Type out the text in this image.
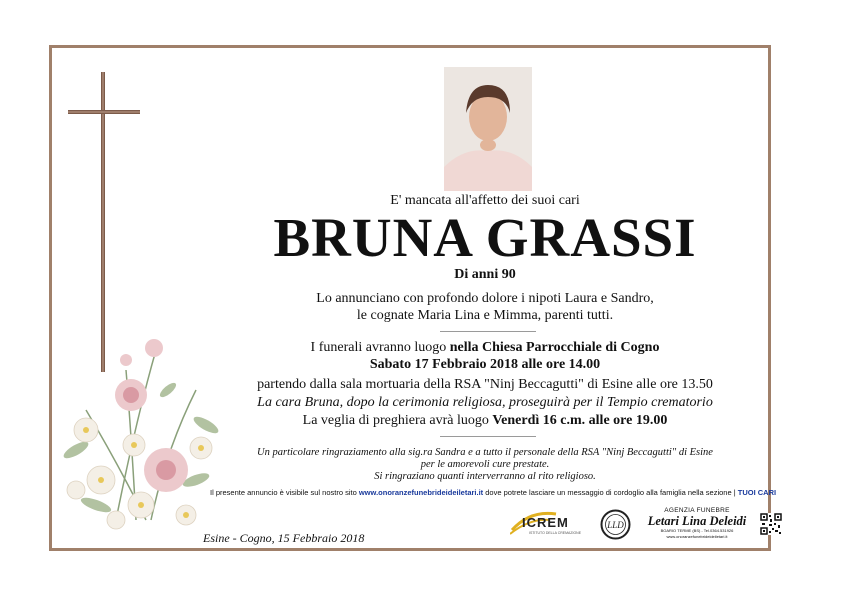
E' mancata all'affetto dei suoi cari
BRUNA GRASSI
Di anni 90
Lo annunciano con profondo dolore i nipoti Laura e Sandro,
le cognate Maria Lina e Mimma, parenti tutti.
I funerali avranno luogo nella Chiesa Parrocchiale di Cogno
Sabato 17 Febbraio 2018 alle ore 14.00
partendo dalla sala mortuaria della RSA "Ninj Beccagutti" di Esine alle ore 13.50
La cara Bruna, dopo la cerimonia religiosa, proseguirà per il Tempio crematorio
La veglia di preghiera avrà luogo Venerdì 16 c.m. alle ore 19.00
Un particolare ringraziamento alla sig.ra Sandra e a tutto il personale della RSA "Ninj Beccagutti" di Esine
per le amorevoli cure prestate.
Si ringraziano quanti interverranno al rito religioso.
Il presente annuncio è visibile sul nostro sito www.onoranzefunebrideideiletari.it dove potrete lasciare un messaggio di cordoglio alla famiglia nella sezione | TUOI CARI
Esine - Cogno, 15 Febbraio 2018
ICREM
ISTITUTO DELLA CREMAZIONE
LLD
AGENZIA FUNEBRE
Letari Lina Deleidi
BOARIO TERME (BS) - Tel.0364.531926
www.onoranzefunebrideideiletari.it
